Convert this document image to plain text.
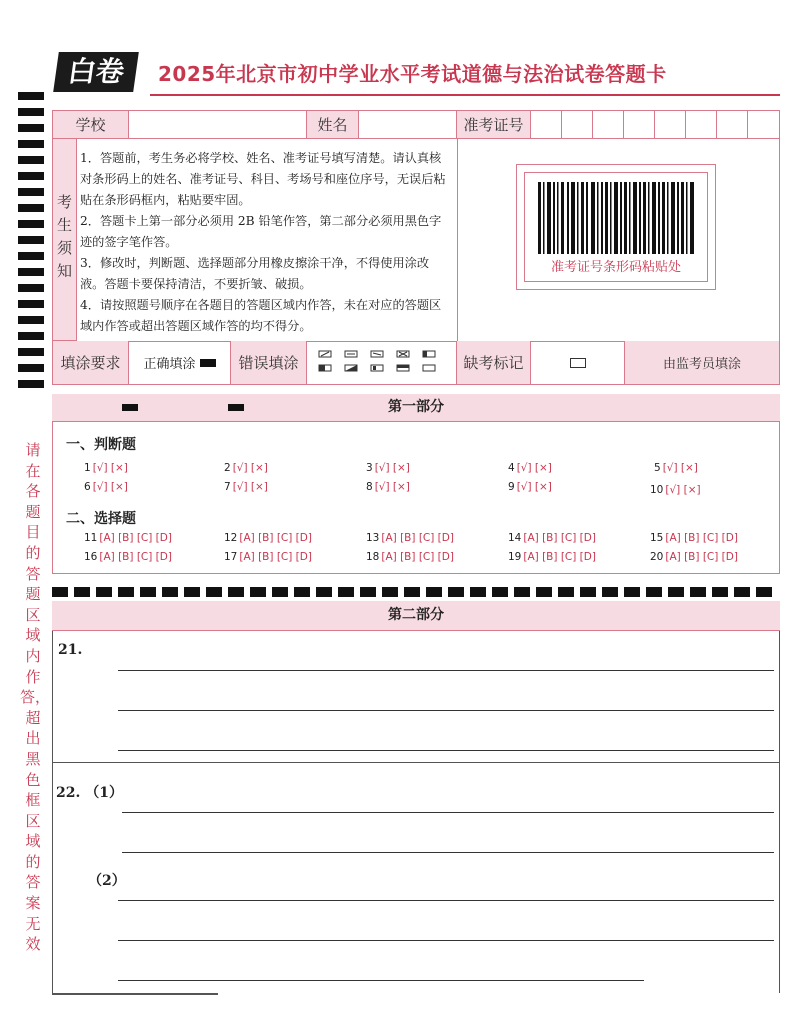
白卷	2025年北京市初中学业水平考试道德与法治试卷答题卡
请在各题目的答题区域内作答，超出黑色框区域的答案无效
学校	姓名	准考证号
考生须知
填涂要求	正确填涂	错误填涂	缺考标记	由监考员填涂

1．答题前，考生务必将学校、姓名、准考证号填写清楚。请认真核对条形码上的姓名、准考证号、科目、考场号和座位序号，无误后粘贴在条形码框内，粘贴要牢固。

2．答题卡上第一部分必须用 2B 铅笔作答，第二部分必须用黑色字迹的签字笔作答。

3．修改时，判断题、选择题部分用橡皮擦涂干净，不得使用涂改液。答题卡要保持清洁，不要折皱、破损。

4．请按照题号顺序在各题目的答题区域内作答，未在对应的答题区域内作答或超出答题区域作答的均不得分。

准考证号条形码粘贴处
第一部分
一、判断题
1 [√] [×]	2 [√] [×]	3 [√] [×]	4 [√] [×]	5 [√] [×]
6 [√] [×]	7 [√] [×]	8 [√] [×]	9 [√] [×]	10 [√] [×]
二、选择题
11 [A] [B] [C] [D]	12 [A] [B] [C] [D]	13 [A] [B] [C] [D]	14 [A] [B] [C] [D]	15 [A] [B] [C] [D]
16 [A] [B] [C] [D]	17 [A] [B] [C] [D]	18 [A] [B] [C] [D]	19 [A] [B] [C] [D]	20 [A] [B] [C] [D]
第二部分
21.
22. （1）
（2）
